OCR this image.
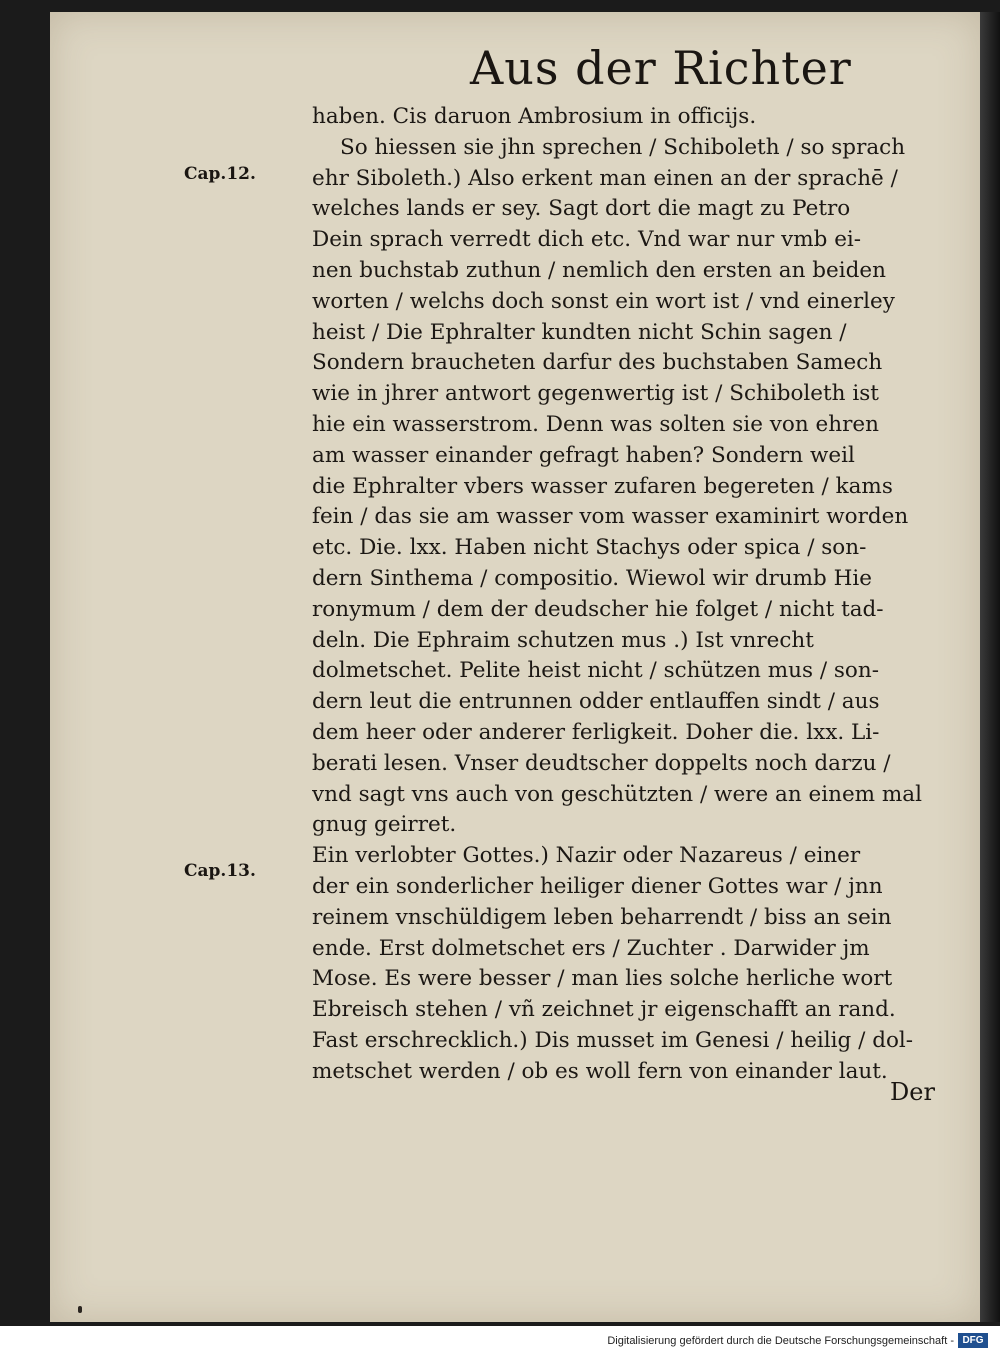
Aus der Richter
Cap.12.
Cap.13.
haben. Cis daruon Ambrosium in officijs.
So hiessen sie jhn sprechen / Schiboleth / so sprach
ehr Siboleth.) Also erkent man einen an der sprachē /
welches lands er sey. Sagt dort die magt zu Petro
Dein sprach verredt dich etc. Vnd war nur vmb ei-
nen buchstab zuthun / nemlich den ersten an beiden
worten / welchs doch sonst ein wort ist / vnd einerley
heist / Die Ephralter kundten nicht Schin sagen /
Sondern braucheten darfur des buchstaben Samech
wie in jhrer antwort gegenwertig ist / Schiboleth ist
hie ein wasserstrom. Denn was solten sie von ehren
am wasser einander gefragt haben? Sondern weil
die Ephralter vbers wasser zufaren begereten / kams
fein / das sie am wasser vom wasser examinirt worden
etc. Die. lxx. Haben nicht Stachys oder spica / son-
dern Sinthema / compositio. Wiewol wir drumb Hie
ronymum / dem der deudscher hie folget / nicht tad-
deln. Die Ephraim schutzen mus .) Ist vnrecht
dolmetschet. Pelite heist nicht / schützen mus / son-
dern leut die entrunnen odder entlauffen sindt / aus
dem heer oder anderer ferligkeit. Doher die. lxx. Li-
berati lesen. Vnser deudtscher doppelts noch darzu /
vnd sagt vns auch von geschützten / were an einem mal
gnug geirret.
Ein verlobter Gottes.) Nazir oder Nazareus / einer
der ein sonderlicher heiliger diener Gottes war / jnn
reinem vnschüldigem leben beharrendt / biss an sein
ende. Erst dolmetschet ers / Zuchter . Darwider jm
Mose. Es were besser / man lies solche herliche wort
Ebreisch stehen / vñ zeichnet jr eigenschafft an rand.
Fast erschrecklich.) Dis musset im Genesi / heilig / dol-
metschet werden / ob es woll fern von einander laut.
Der
Digitalisierung gefördert durch die Deutsche Forschungsgemeinschaft - DFG
